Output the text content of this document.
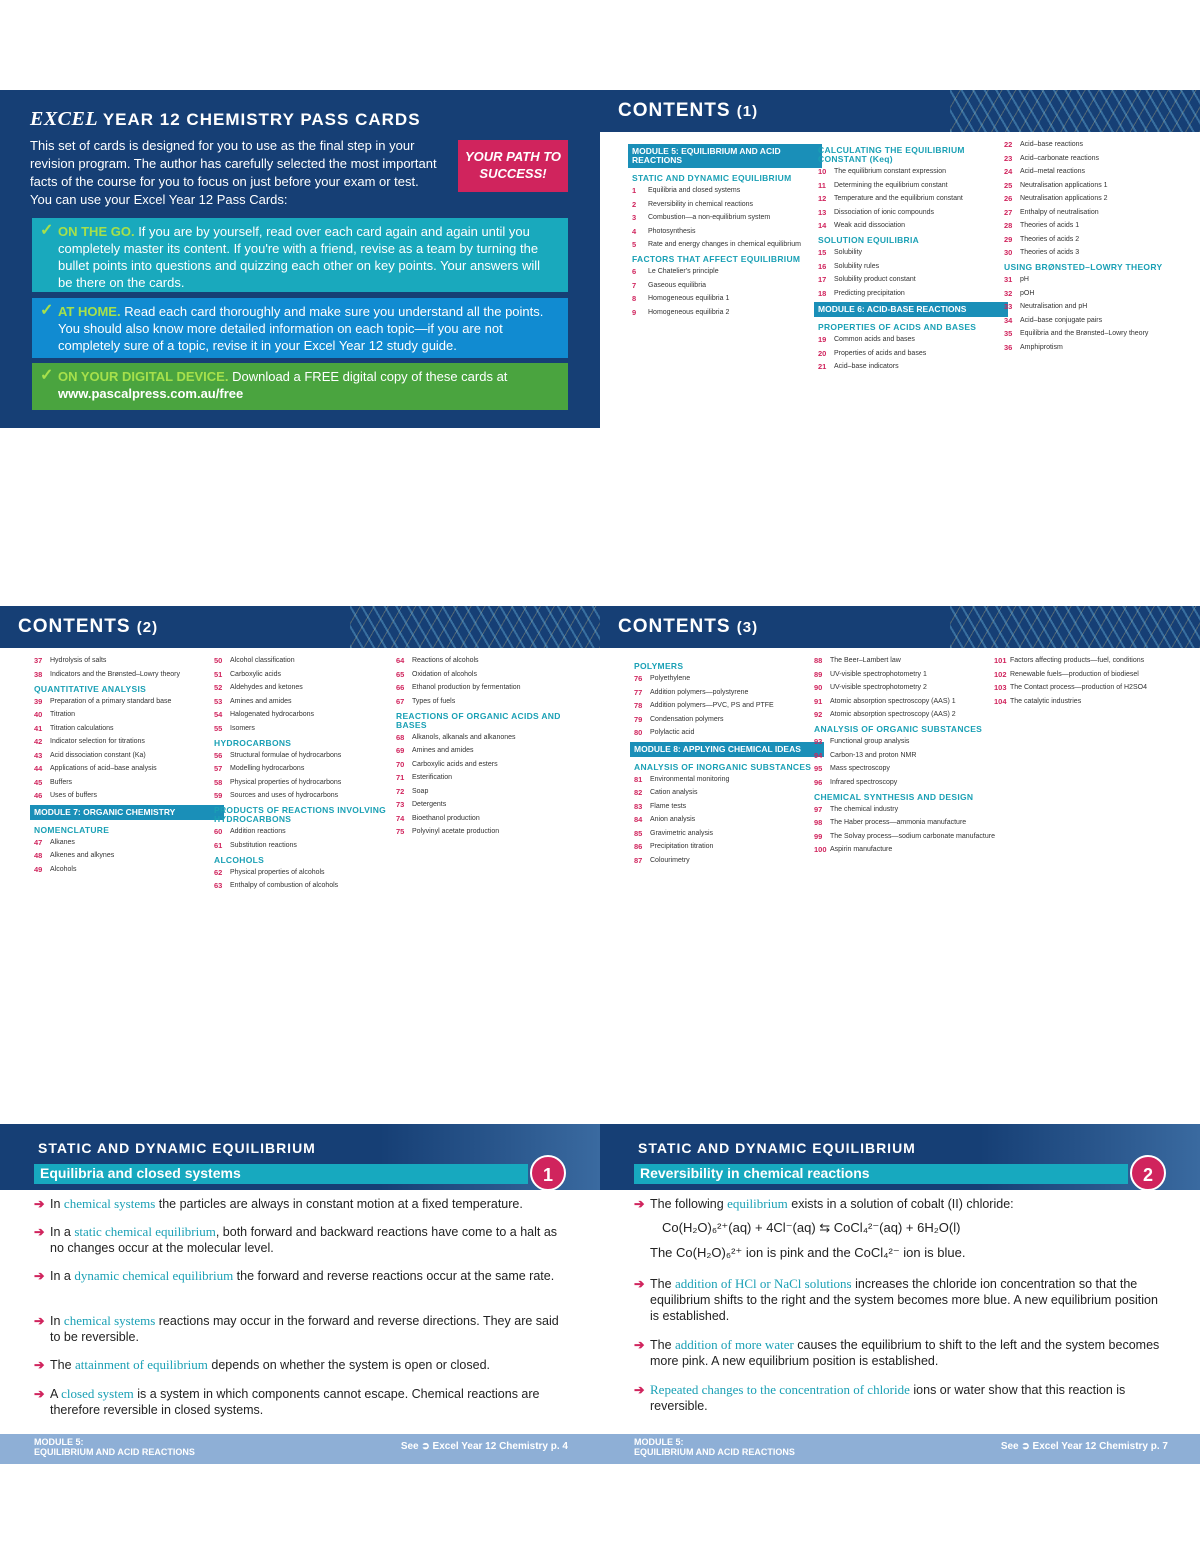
EXCEL YEAR 12 CHEMISTRY PASS CARDS

This set of cards is designed for you to use as the final step in your revision program. The author has carefully selected the most important facts of the course for you to focus on just before your exam or test. You can use your Excel Year 12 Pass Cards:

YOUR PATH TO SUCCESS!
✓ ON THE GO. If you are by yourself, read over each card again and again until you completely master its content. If you're with a friend, revise as a team by turning the bullet points into questions and quizzing each other on key points. Your answers will be there on the cards.
✓ AT HOME. Read each card thoroughly and make sure you understand all the points. You should also know more detailed information on each topic—if you are not completely sure of a topic, revise it in your Excel Year 12 study guide.
✓ ON YOUR DIGITAL DEVICE. Download a FREE digital copy of these cards at
www.pascalpress.com.au/free
CONTENTS (1)
MODULE 5: EQUILIBRIUM AND ACID REACTIONS
STATIC AND DYNAMIC EQUILIBRIUM
1	Equilibria and closed systems
2	Reversibility in chemical reactions
3	Combustion—a non-equilibrium system
4	Photosynthesis
5	Rate and energy changes in chemical equilibrium
FACTORS THAT AFFECT EQUILIBRIUM
6	Le Chatelier's principle
7	Gaseous equilibria
8	Homogeneous equilibria 1
9	Homogeneous equilibria 2
CALCULATING THE EQUILIBRIUM CONSTANT (Keq)
10	The equilibrium constant expression
11	Determining the equilibrium constant
12	Temperature and the equilibrium constant
13	Dissociation of ionic compounds
14	Weak acid dissociation
SOLUTION EQUILIBRIA
15	Solubility
16	Solubility rules
17	Solubility product constant
18	Predicting precipitation
MODULE 6: ACID-BASE REACTIONS
PROPERTIES OF ACIDS AND BASES
19	Common acids and bases
20	Properties of acids and bases
21	Acid–base indicators
22	Acid–base reactions
23	Acid–carbonate reactions
24	Acid–metal reactions
25	Neutralisation applications 1
26	Neutralisation applications 2
27	Enthalpy of neutralisation
28	Theories of acids 1
29	Theories of acids 2
30	Theories of acids 3
USING BRØNSTED–LOWRY THEORY
31	pH
32	pOH
33	Neutralisation and pH
34	Acid–base conjugate pairs
35	Equilibria and the Brønsted–Lowry theory
36	Amphiprotism
CONTENTS (2)
37	Hydrolysis of salts
38	Indicators and the Brønsted–Lowry theory
QUANTITATIVE ANALYSIS
39	Preparation of a primary standard base
40	Titration
41	Titration calculations
42	Indicator selection for titrations
43	Acid dissociation constant (Ka)
44	Applications of acid–base analysis
45	Buffers
46	Uses of buffers
MODULE 7: ORGANIC CHEMISTRY
NOMENCLATURE
47	Alkanes
48	Alkenes and alkynes
49	Alcohols
50	Alcohol classification
51	Carboxylic acids
52	Aldehydes and ketones
53	Amines and amides
54	Halogenated hydrocarbons
55	Isomers
HYDROCARBONS
56	Structural formulae of hydrocarbons
57	Modelling hydrocarbons
58	Physical properties of hydrocarbons
59	Sources and uses of hydrocarbons
PRODUCTS OF REACTIONS INVOLVING HYDROCARBONS
60	Addition reactions
61	Substitution reactions
ALCOHOLS
62	Physical properties of alcohols
63	Enthalpy of combustion of alcohols
64	Reactions of alcohols
65	Oxidation of alcohols
66	Ethanol production by fermentation
67	Types of fuels
REACTIONS OF ORGANIC ACIDS AND BASES
68	Alkanols, alkanals and alkanones
69	Amines and amides
70	Carboxylic acids and esters
71	Esterification
72	Soap
73	Detergents
74	Bioethanol production
75	Polyvinyl acetate production
CONTENTS (3)
POLYMERS
76	Polyethylene
77	Addition polymers—polystyrene
78	Addition polymers—PVC, PS and PTFE
79	Condensation polymers
80	Polylactic acid
MODULE 8: APPLYING CHEMICAL IDEAS
ANALYSIS OF INORGANIC SUBSTANCES
81	Environmental monitoring
82	Cation analysis
83	Flame tests
84	Anion analysis
85	Gravimetric analysis
86	Precipitation titration
87	Colourimetry
88	The Beer–Lambert law
89	UV-visible spectrophotometry 1
90	UV-visible spectrophotometry 2
91	Atomic absorption spectroscopy (AAS) 1
92	Atomic absorption spectroscopy (AAS) 2
ANALYSIS OF ORGANIC SUBSTANCES
93	Functional group analysis
94	Carbon-13 and proton NMR
95	Mass spectroscopy
96	Infrared spectroscopy
CHEMICAL SYNTHESIS AND DESIGN
97	The chemical industry
98	The Haber process—ammonia manufacture
99	The Solvay process—sodium carbonate manufacture
100 Aspirin manufacture
101 Factors affecting products—fuel, conditions
102 Renewable fuels—production of biodiesel
103 The Contact process—production of H2SO4
104 The catalytic industries
STATIC AND DYNAMIC EQUILIBRIUM
Equilibria and closed systems	1
➔ In chemical systems the particles are always in constant motion at a fixed temperature.
➔ In a static chemical equilibrium, both forward and backward reactions have come to a halt as no changes occur at the molecular level.
➔ In a dynamic chemical equilibrium the forward and reverse reactions occur at the same rate.
➔ In chemical systems reactions may occur in the forward and reverse directions. They are said to be reversible.
➔ The attainment of equilibrium depends on whether the system is open or closed.
➔ A closed system is a system in which components cannot escape. Chemical reactions are therefore reversible in closed systems.
MODULE 5:
EQUILIBRIUM AND ACID REACTIONS	See ➲ Excel Year 12 Chemistry p. 4
STATIC AND DYNAMIC EQUILIBRIUM
Reversibility in chemical reactions	2
➔ The following equilibrium exists in a solution of cobalt (II) chloride:
Co(H₂O)₆²⁺(aq) + 4Cl⁻(aq) ⇆ CoCl₄²⁻(aq) + 6H₂O(l)
The Co(H₂O)₆²⁺ ion is pink and the CoCl₄²⁻ ion is blue.
➔ The addition of HCl or NaCl solutions increases the chloride ion concentration so that the equilibrium shifts to the right and the system becomes more blue. A new equilibrium position is established.
➔ The addition of more water causes the equilibrium to shift to the left and the system becomes more pink. A new equilibrium position is established.
➔ Repeated changes to the concentration of chloride ions or water show that this reaction is reversible.
MODULE 5:
EQUILIBRIUM AND ACID REACTIONS	See ➲ Excel Year 12 Chemistry p. 7
